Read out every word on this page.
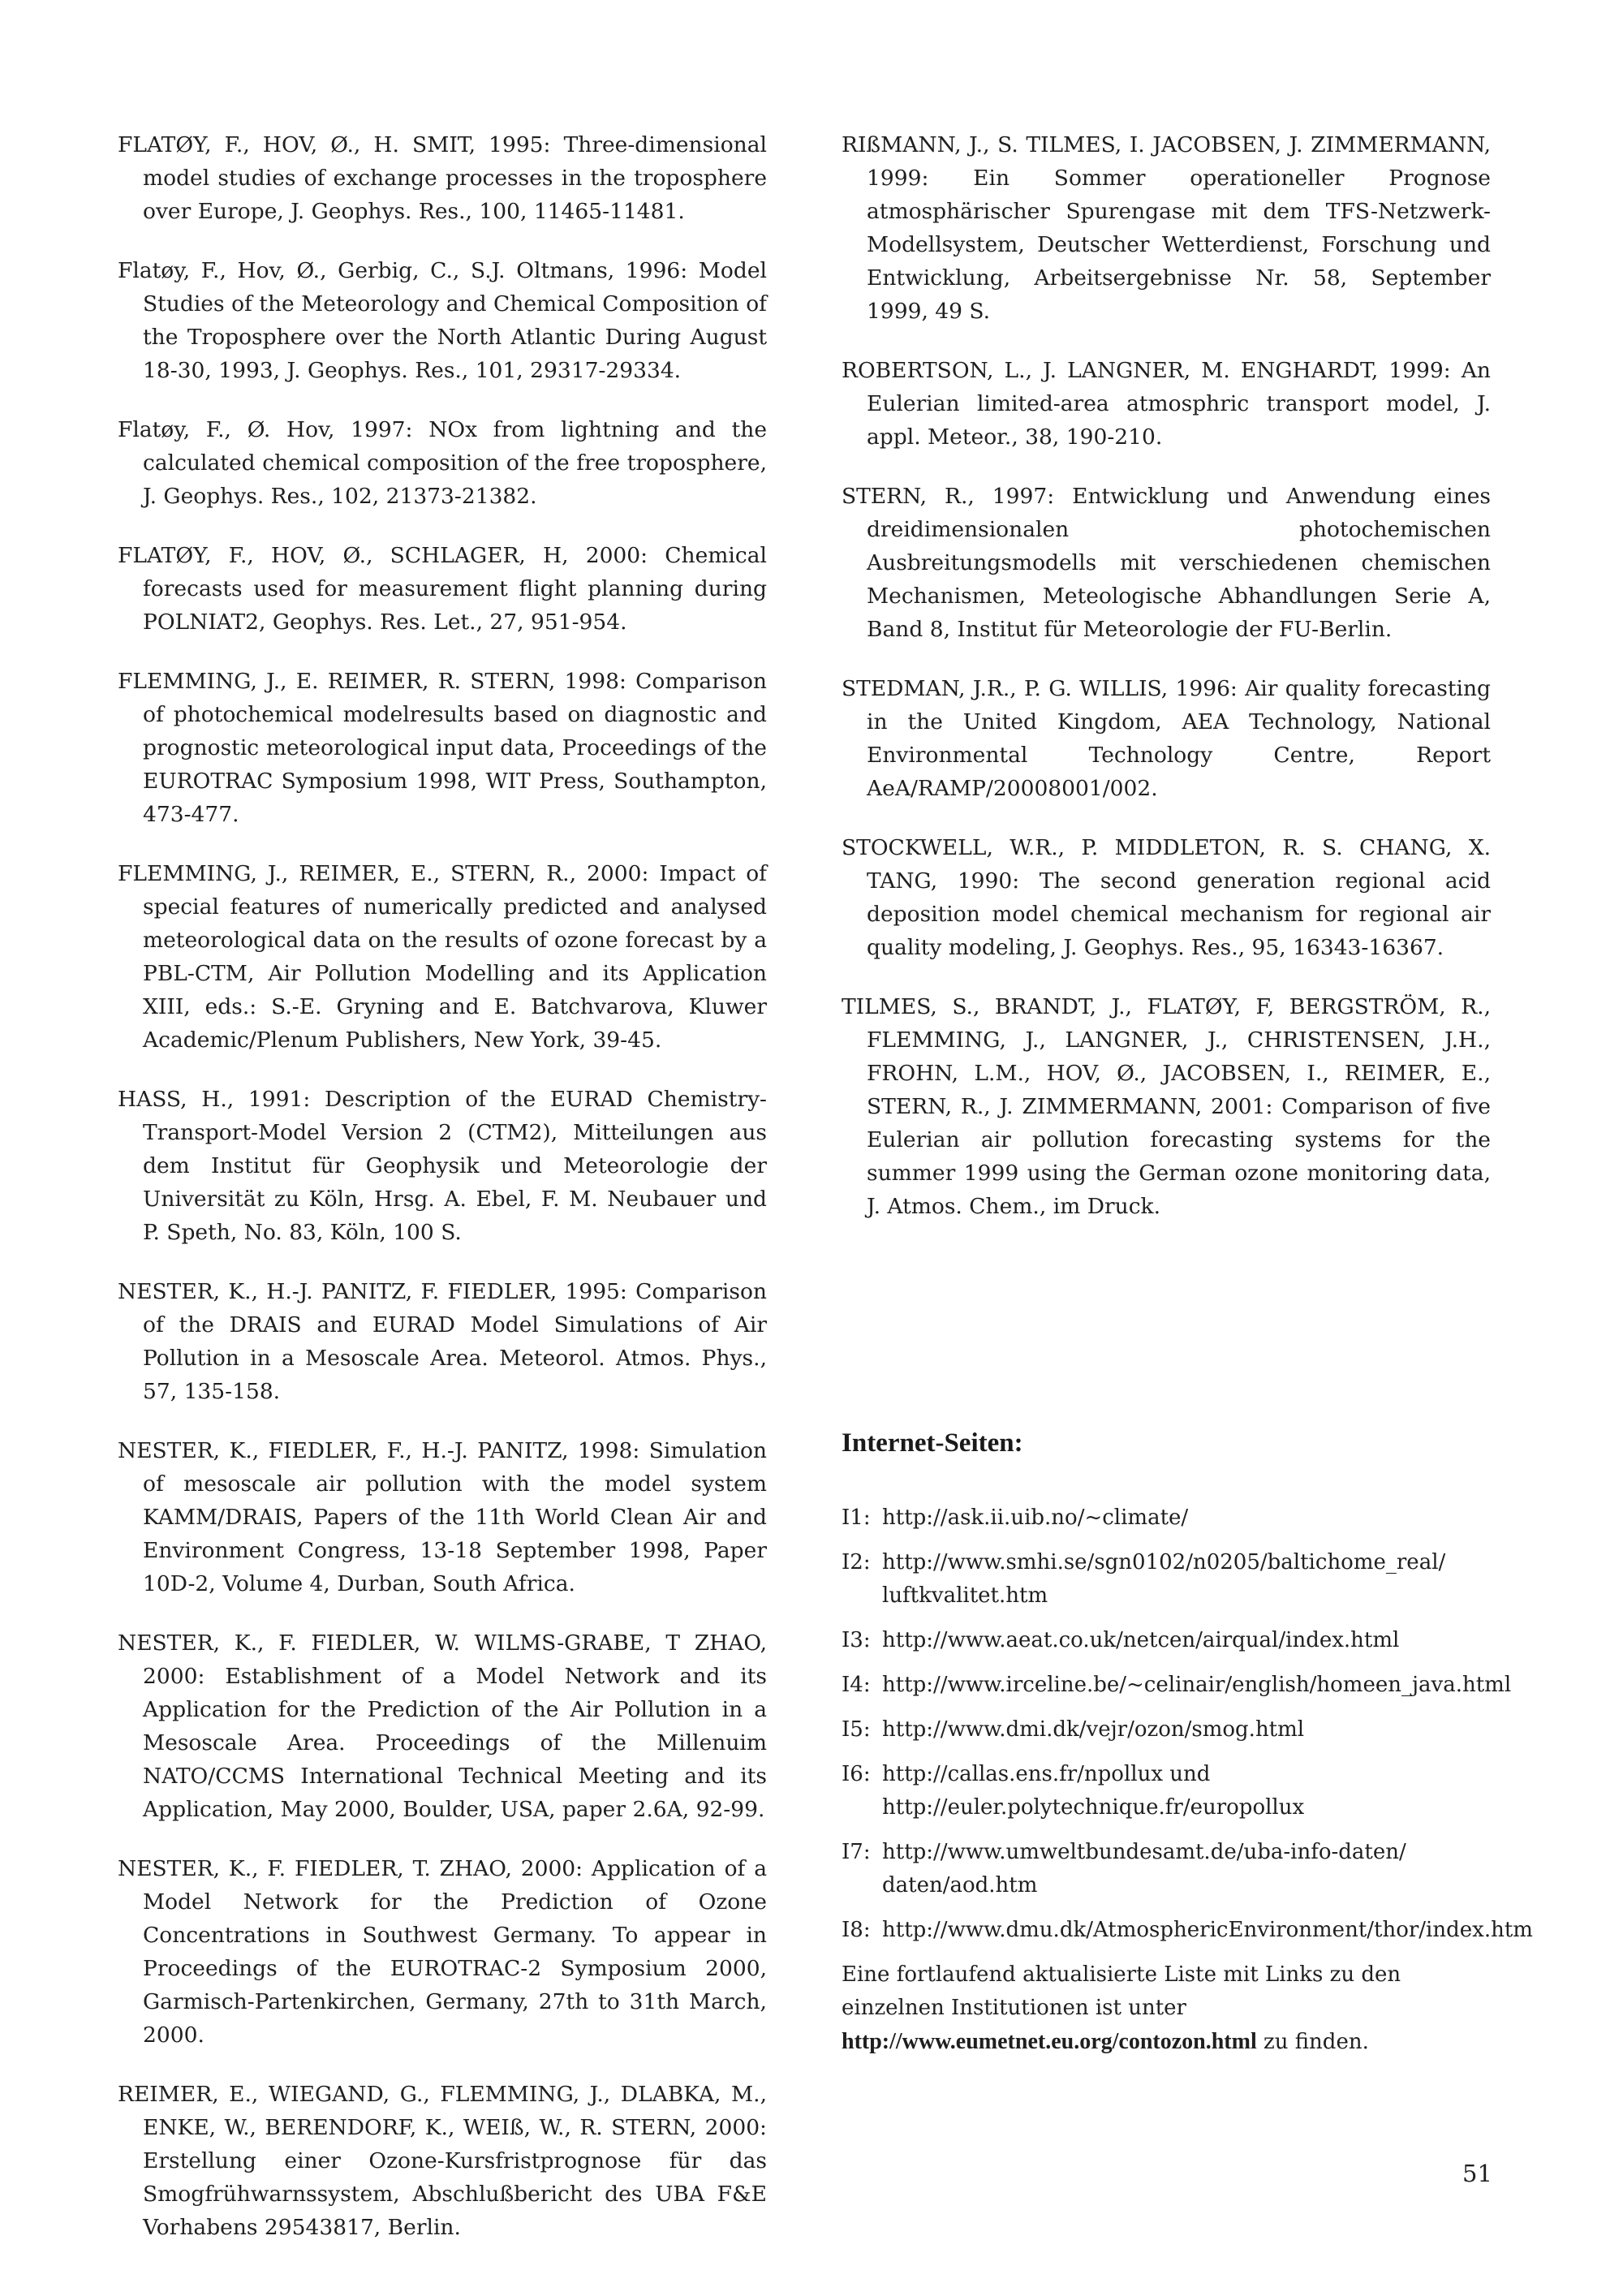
FLATØY, F., HOV, Ø., H. SMIT, 1995: Three-dimensional model studies of exchange processes in the troposphere over Europe, J. Geophys. Res., 100, 11465-11481.

Flatøy, F., Hov, Ø., Gerbig, C., S.J. Oltmans, 1996: Model Studies of the Meteorology and Chemical Composition of the Troposphere over the North Atlantic During August 18-30, 1993, J. Geophys. Res., 101, 29317-29334.

Flatøy, F., Ø. Hov, 1997: NOx from lightning and the calculated chemical composition of the free troposphere, J. Geophys. Res., 102, 21373-21382.

FLATØY, F., HOV, Ø., SCHLAGER, H, 2000: Chemical forecasts used for measurement flight planning during POLNIAT2, Geophys. Res. Let., 27, 951-954.

FLEMMING, J., E. REIMER, R. STERN, 1998: Comparison of photochemical modelresults based on diagnostic and prognostic meteorological input data, Proceedings of the EUROTRAC Symposium 1998, WIT Press, Southampton, 473-477.

FLEMMING, J., REIMER, E., STERN, R., 2000: Impact of special features of numerically predicted and analysed meteorological data on the results of ozone forecast by a PBL-CTM, Air Pollution Modelling and its Application XIII, eds.: S.-E. Gryning and E. Batchvarova, Kluwer Academic/Plenum Publishers, New York, 39-45.

HASS, H., 1991: Description of the EURAD Chemistry-Transport-Model Version 2 (CTM2), Mitteilungen aus dem Institut für Geophysik und Meteorologie der Universität zu Köln, Hrsg. A. Ebel, F. M. Neubauer und P. Speth, No. 83, Köln, 100 S.

NESTER, K., H.-J. PANITZ, F. FIEDLER, 1995: Comparison of the DRAIS and EURAD Model Simulations of Air Pollution in a Mesoscale Area. Meteorol. Atmos. Phys., 57, 135-158.

NESTER, K., FIEDLER, F., H.-J. PANITZ, 1998: Simulation of mesoscale air pollution with the model system KAMM/DRAIS, Papers of the 11th World Clean Air and Environment Congress, 13-18 September 1998, Paper 10D-2, Volume 4, Durban, South Africa.

NESTER, K., F. FIEDLER, W. WILMS-GRABE, T ZHAO, 2000: Establishment of a Model Network and its Application for the Prediction of the Air Pollution in a Mesoscale Area. Proceedings of the Millenuim NATO/CCMS International Technical Meeting and its Application, May 2000, Boulder, USA, paper 2.6A, 92-99.

NESTER, K., F. FIEDLER, T. ZHAO, 2000: Application of a Model Network for the Prediction of Ozone Concentrations in Southwest Germany. To appear in Proceedings of the EUROTRAC-2 Symposium 2000, Garmisch-Partenkirchen, Germany, 27th to 31th March, 2000.

REIMER, E., WIEGAND, G., FLEMMING, J., DLABKA, M., ENKE, W., BERENDORF, K., WEIß, W., R. STERN, 2000: Erstellung einer Ozone-Kursfristprognose für das Smogfrühwarnssystem, Abschlußbericht des UBA F&E Vorhabens 29543817, Berlin.

RIßMANN, J., S. TILMES, I. JACOBSEN, J. ZIMMERMANN, 1999: Ein Sommer operationeller Prognose atmosphärischer Spurengase mit dem TFS-Netzwerk-Modellsystem, Deutscher Wetterdienst, Forschung und Entwicklung, Arbeitsergebnisse Nr. 58, September 1999, 49 S.

ROBERTSON, L., J. LANGNER, M. ENGHARDT, 1999: An Eulerian limited-area atmosphric transport model, J. appl. Meteor., 38, 190-210.

STERN, R., 1997: Entwicklung und Anwendung eines dreidimensionalen photochemischen Ausbreitungsmodells mit verschiedenen chemischen Mechanismen, Meteologische Abhandlungen Serie A, Band 8, Institut für Meteorologie der FU-Berlin.

STEDMAN, J.R., P. G. WILLIS, 1996: Air quality forecasting in the United Kingdom, AEA Technology, National Environmental Technology Centre, Report AeA/RAMP/20008001/002.

STOCKWELL, W.R., P. MIDDLETON, R. S. CHANG, X. TANG, 1990: The second generation regional acid deposition model chemical mechanism for regional air quality modeling, J. Geophys. Res., 95, 16343-16367.

TILMES, S., BRANDT, J., FLATØY, F, BERGSTRÖM, R., FLEMMING, J., LANGNER, J., CHRISTENSEN, J.H., FROHN, L.M., HOV, Ø., JACOBSEN, I., REIMER, E., STERN, R., J. ZIMMERMANN, 2001: Comparison of five Eulerian air pollution forecasting systems for the summer 1999 using the German ozone monitoring data, J. Atmos. Chem., im Druck.

Internet-Seiten:
I1: http://ask.ii.uib.no/~climate/
I2: http://www.smhi.se/sgn0102/n0205/baltichome_real/
luftkvalitet.htm
I3: http://www.aeat.co.uk/netcen/airqual/index.html
I4: http://www.irceline.be/~celinair/english/homeen_java.html
I5: http://www.dmi.dk/vejr/ozon/smog.html
I6: http://callas.ens.fr/npollux und
http://euler.polytechnique.fr/europollux
I7: http://www.umweltbundesamt.de/uba-info-daten/
daten/aod.htm
I8: http://www.dmu.dk/AtmosphericEnvironment/thor/index.htm

Eine fortlaufend aktualisierte Liste mit Links zu den einzelnen Institutionen ist unter http://www.eumetnet.eu.org/contozon.html zu finden.

51
